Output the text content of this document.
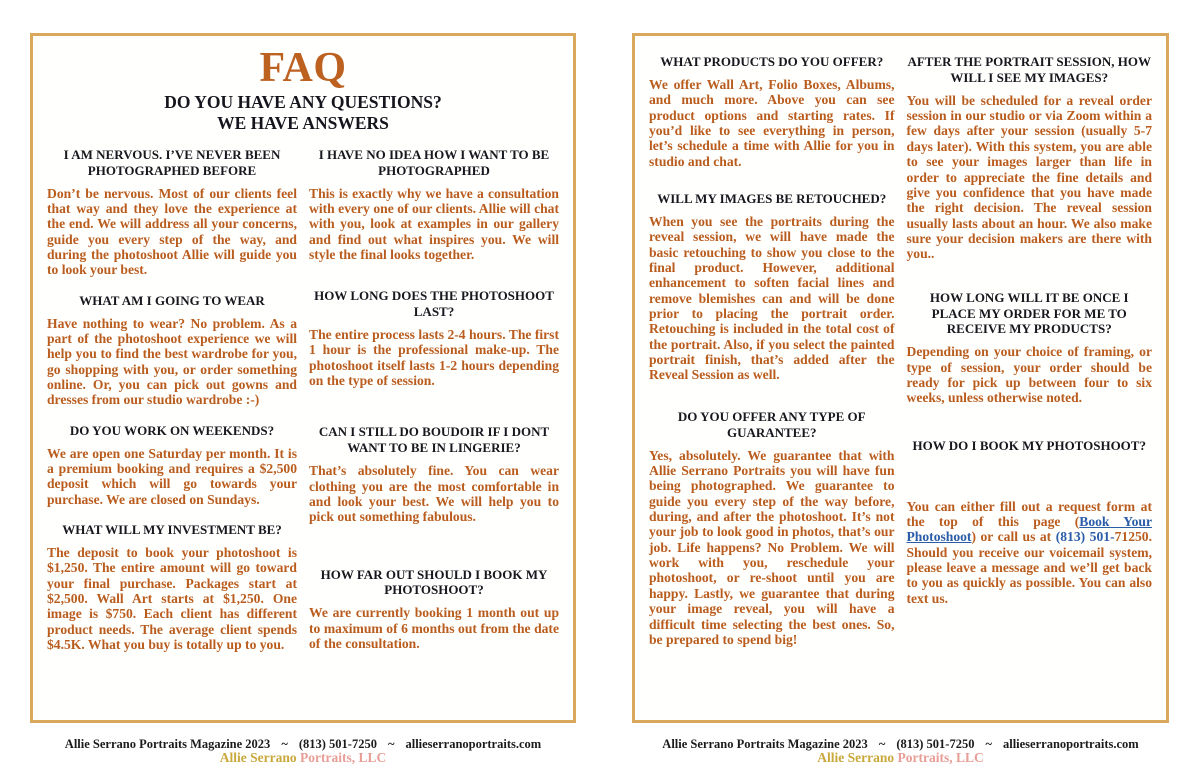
FAQ
DO YOU HAVE ANY QUESTIONS?
WE HAVE ANSWERS
I AM NERVOUS. I’VE NEVER BEEN PHOTOGRAPHED BEFORE

Don’t be nervous. Most of our clients feel that way and they love the experience at the end. We will address all your concerns, guide you every step of the way, and during the photoshoot Allie will guide you to look your best.

WHAT AM I GOING TO WEAR

Have nothing to wear? No problem. As a part of the photoshoot experience we will help you to find the best wardrobe for you, go shopping with you, or order something online. Or, you can pick out gowns and dresses from our studio wardrobe :-)

DO YOU WORK ON WEEKENDS?

We are open one Saturday per month. It is a premium booking and requires a $2,500 deposit which will go towards your purchase. We are closed on Sundays.

WHAT WILL MY INVESTMENT BE?

The deposit to book your photoshoot is $1,250. The entire amount will go toward your final purchase. Packages start at $2,500. Wall Art starts at $1,250. One image is $750. Each client has different product needs. The average client spends $4.5K. What you buy is totally up to you.

I HAVE NO IDEA HOW I WANT TO BE PHOTOGRAPHED

This is exactly why we have a consultation with every one of our clients. Allie will chat with you, look at examples in our gallery and find out what inspires you. We will style the final looks together.

HOW LONG DOES THE PHOTOSHOOT LAST?

The entire process lasts 2-4 hours. The first 1 hour is the professional make-up. The photoshoot itself lasts 1-2 hours depending on the type of session.

CAN I STILL DO BOUDOIR IF I DONT WANT TO BE IN LINGERIE?

That’s absolutely fine. You can wear clothing you are the most comfortable in and look your best. We will help you to pick out something fabulous.

HOW FAR OUT SHOULD I BOOK MY PHOTOSHOOT?

We are currently booking 1 month out up to maximum of 6 months out from the date of the consultation.

WHAT PRODUCTS DO YOU OFFER?

We offer Wall Art, Folio Boxes, Albums, and much more. Above you can see product options and starting rates. If you’d like to see everything in person, let’s schedule a time with Allie for you in studio and chat.

WILL MY IMAGES BE RETOUCHED?

When you see the portraits during the reveal session, we will have made the basic retouching to show you close to the final product. However, additional enhancement to soften facial lines and remove blemishes can and will be done prior to placing the portrait order. Retouching is included in the total cost of the portrait. Also, if you select the painted portrait finish, that’s added after the Reveal Session as well.

DO YOU OFFER ANY TYPE OF GUARANTEE?

Yes, absolutely. We guarantee that with Allie Serrano Portraits you will have fun being photographed. We guarantee to guide you every step of the way before, during, and after the photoshoot. It’s not your job to look good in photos, that’s our job. Life happens? No Problem. We will work with you, reschedule your photoshoot, or re-shoot until you are happy. Lastly, we guarantee that during your image reveal, you will have a difficult time selecting the best ones. So, be prepared to spend big!

AFTER THE PORTRAIT SESSION, HOW WILL I SEE MY IMAGES?

You will be scheduled for a reveal order session in our studio or via Zoom within a few days after your session (usually 5-7 days later). With this system, you are able to see your images larger than life in order to appreciate the fine details and give you confidence that you have made the right decision. The reveal session usually lasts about an hour. We also make sure your decision makers are there with you..

HOW LONG WILL IT BE ONCE I PLACE MY ORDER FOR ME TO RECEIVE MY PRODUCTS?

Depending on your choice of framing, or type of session, your order should be ready for pick up between four to six weeks, unless otherwise noted.

HOW DO I BOOK MY PHOTOSHOOT?

You can either fill out a request form at the top of this page (Book Your Photoshoot) or call us at (813) 501-71250. Should you receive our voicemail system, please leave a message and we’ll get back to you as quickly as possible. You can also text us.

Allie Serrano Portraits Magazine 2023 ~ (813) 501-7250 ~ allieserranoportraits.com
Allie Serrano Portraits, LLC
Allie Serrano Portraits Magazine 2023 ~ (813) 501-7250 ~ allieserranoportraits.com
Allie Serrano Portraits, LLC
